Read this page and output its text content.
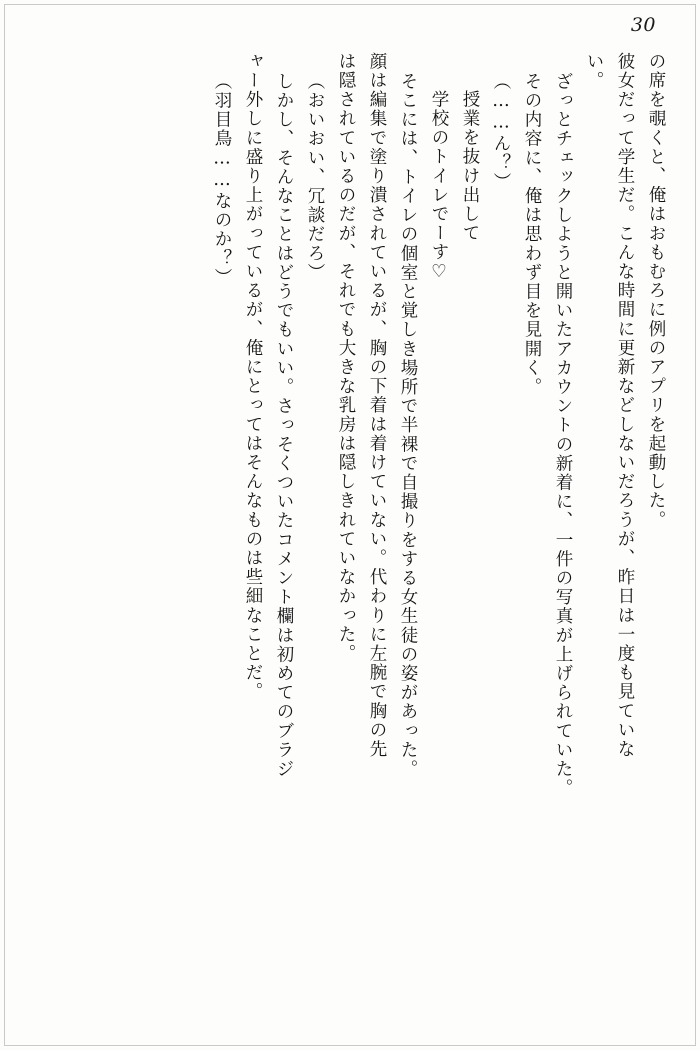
30
の席を覗くと、俺はおもむろに例のアプリを起動した。
彼女だって学生だ。こんな時間に更新などしないだろうが、昨日は一度も見ていな
い。
ざっとチェックしようと開いたアカウントの新着に、一件の写真が上げられていた。
その内容に、俺は思わず目を見開く。
（……ん？）
授業を抜け出して
学校のトイレでーす♡
そこには、トイレの個室と覚しき場所で半裸で自撮りをする女生徒の姿があった。
顔は編集で塗り潰されているが、胸の下着は着けていない。代わりに左腕で胸の先
は隠されているのだが、それでも大きな乳房は隠しきれていなかった。
（おいおい、冗談だろ）
しかし、そんなことはどうでもいい。さっそくついたコメント欄は初めてのブラジ
ャー外しに盛り上がっているが、俺にとってはそんなものは些細なことだ。
（羽目鳥……なのか？）
